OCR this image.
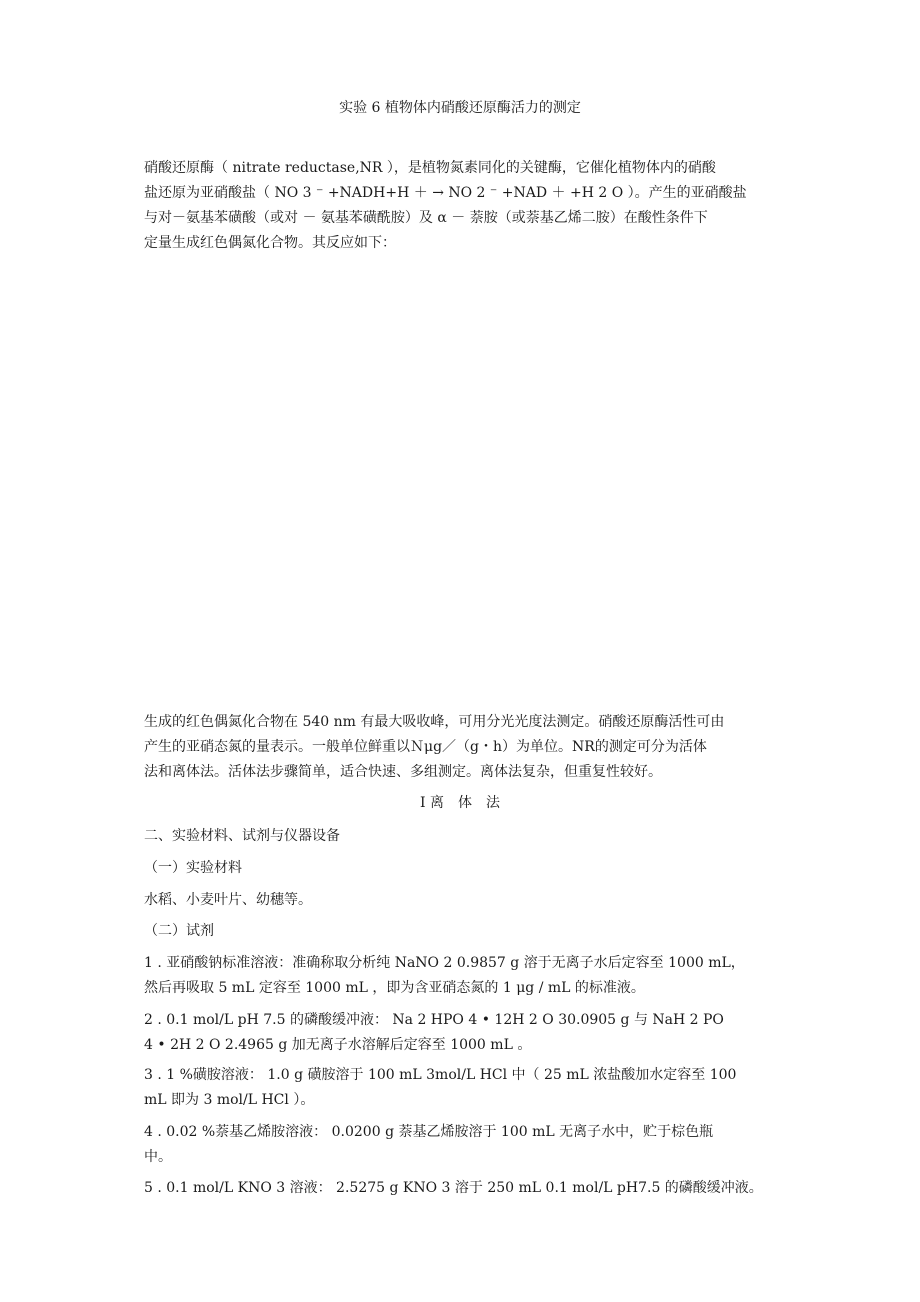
实验 6 植物体内硝酸还原酶活力的测定

硝酸还原酶（ nitrate reductase,NR ），是植物氮素同化的关键酶，它催化植物体内的硝酸

盐还原为亚硝酸盐（ NO 3 ⁻ +NADH+H ＋ → NO 2 ⁻ +NAD ＋ +H 2 O ）。产生的亚硝酸盐

与对－氨基苯磺酸（或对 － 氨基苯磺酰胺）及 α － 萘胺（或萘基乙烯二胺）在酸性条件下

定量生成红色偶氮化合物。其反应如下：

生成的红色偶氮化合物在 540 nm 有最大吸收峰，可用分光光度法测定。硝酸还原酶活性可由

产生的亚硝态氮的量表示。一般单位鲜重以Ｎμg／（g・h）为单位。NR的测定可分为活体

法和离体法。活体法步骤简单，适合快速、多组测定。离体法复杂，但重复性较好。

Ⅰ 离　体　法
二、实验材料、试剂与仪器设备
（一）实验材料
水稻、小麦叶片、幼穗等。
（二）试剂

1 . 亚硝酸钠标准溶液：准确称取分析纯 NaNO 2 0.9857 g 溶于无离子水后定容至 1000 mL，

然后再吸取 5 mL 定容至 1000 mL ，即为含亚硝态氮的 1 μg / mL 的标准液。

2 . 0.1 mol/L pH 7.5 的磷酸缓冲液： Na 2 HPO 4 • 12H 2 O 30.0905 g 与 NaH 2 PO

4 • 2H 2 O 2.4965 g 加无离子水溶解后定容至 1000 mL 。

3 . 1 %磺胺溶液： 1.0 g 磺胺溶于 100 mL 3mol/L HCl 中（ 25 mL 浓盐酸加水定容至 100

mL 即为 3 mol/L HCl ）。

4 . 0.02 %萘基乙烯胺溶液： 0.0200 g 萘基乙烯胺溶于 100 mL 无离子水中，贮于棕色瓶

中。

5 . 0.1 mol/L KNO 3 溶液： 2.5275 g KNO 3 溶于 250 mL 0.1 mol/L pH7.5 的磷酸缓冲液。
